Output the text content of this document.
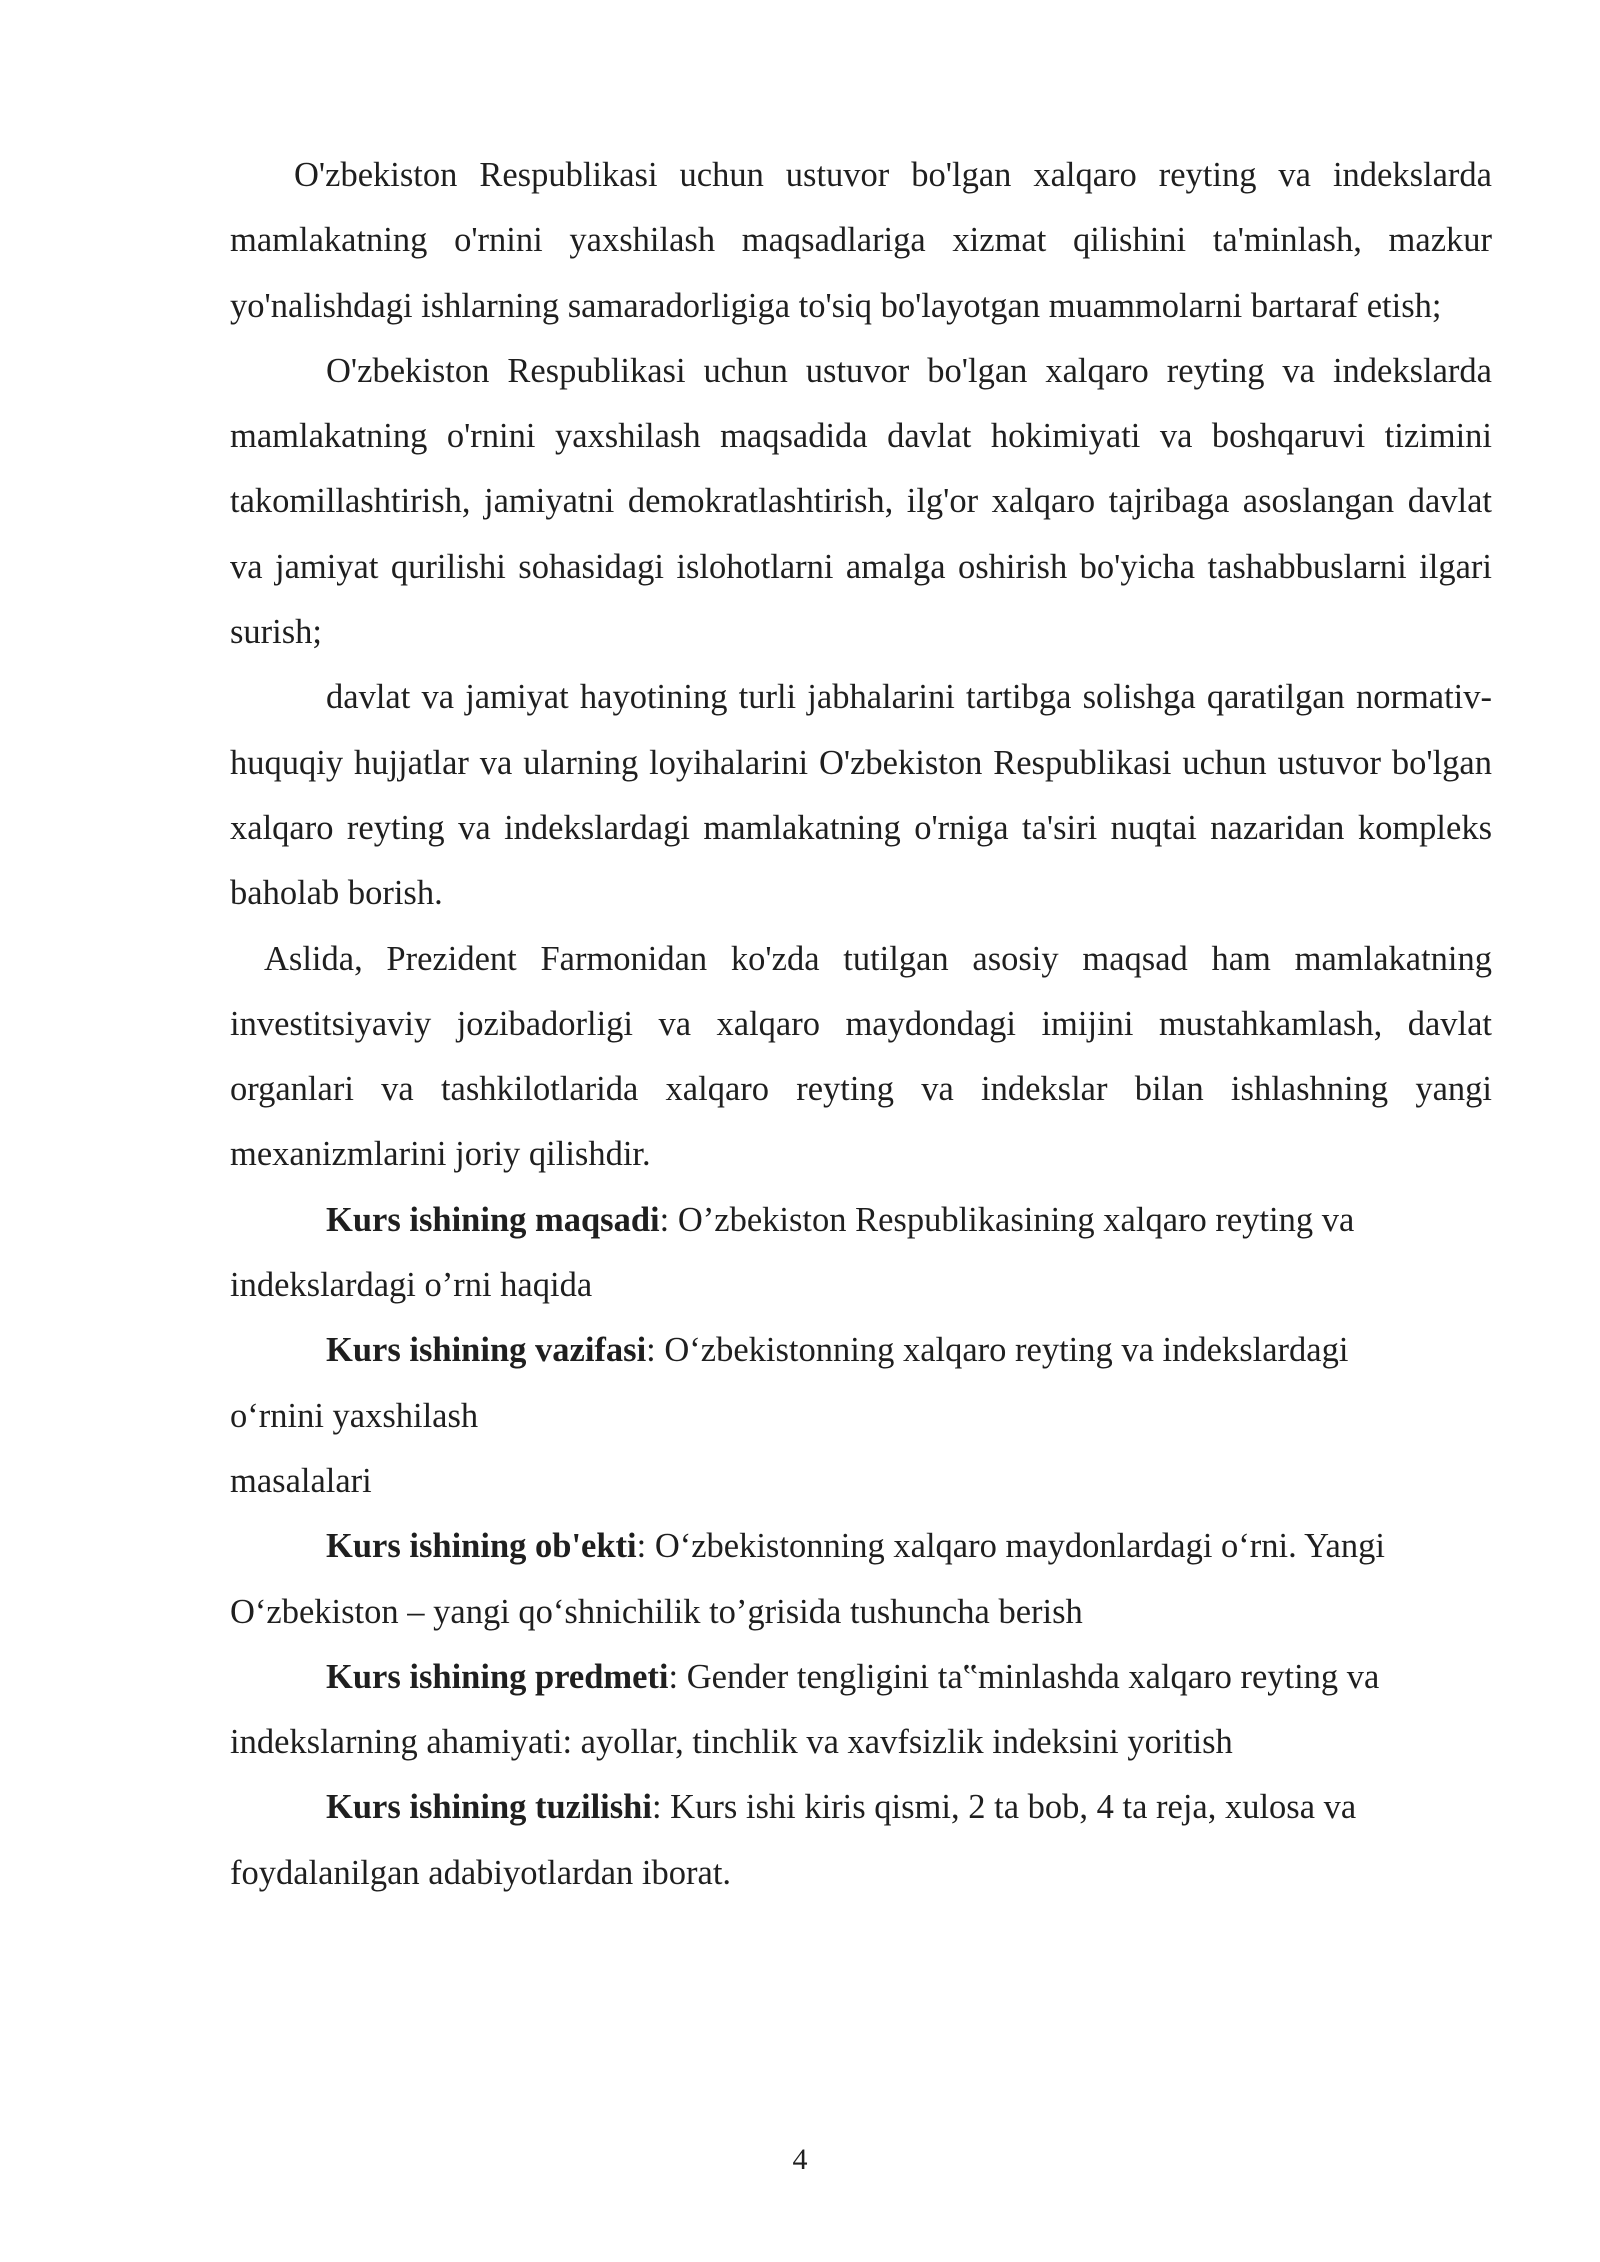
O'zbekiston Respublikasi uchun ustuvor bo'lgan xalqaro reyting va indekslarda mamlakatning o'rnini yaxshilash maqsadlariga xizmat qilishini ta'minlash, mazkur yo'nalishdagi ishlarning samaradorligiga to'siq bo'layotgan muammolarni bartaraf etish;

O'zbekiston Respublikasi uchun ustuvor bo'lgan xalqaro reyting va indekslarda mamlakatning o'rnini yaxshilash maqsadida davlat hokimiyati va boshqaruvi tizimini takomillashtirish, jamiyatni demokratlashtirish, ilg'or xalqaro tajribaga asoslangan davlat va jamiyat qurilishi sohasidagi islohotlarni amalga oshirish bo'yicha tashabbuslarni ilgari surish;

davlat va jamiyat hayotining turli jabhalarini tartibga solishga qaratilgan normativ-huquqiy hujjatlar va ularning loyihalarini O'zbekiston Respublikasi uchun ustuvor bo'lgan xalqaro reyting va indekslardagi mamlakatning o'rniga ta'siri nuqtai nazaridan kompleks baholab borish.

Aslida, Prezident Farmonidan ko'zda tutilgan asosiy maqsad ham mamlakatning investitsiyaviy jozibadorligi va xalqaro maydondagi imijini mustahkamlash, davlat organlari va tashkilotlarida xalqaro reyting va indekslar bilan ishlashning yangi mexanizmlarini joriy qilishdir.

Kurs ishining maqsadi: O’zbekiston Respublikasining xalqaro reyting va
indekslardagi o’rni haqida
Kurs ishining vazifasi: O‘zbekistonning xalqaro reyting va indekslardagi
o‘rnini yaxshilash
masalalari
Kurs ishining ob'ekti: O‘zbekistonning xalqaro maydonlardagi o‘rni. Yangi
O‘zbekiston – yangi qo‘shnichilik to’grisida tushuncha berish
Kurs ishining predmeti: Gender tengligini ta‟minlashda xalqaro reyting va
indekslarning ahamiyati: ayollar, tinchlik va xavfsizlik indeksini yoritish
Kurs ishining tuzilishi: Kurs ishi kiris qismi, 2 ta bob, 4 ta reja, xulosa va
foydalanilgan adabiyotlardan iborat.
4
